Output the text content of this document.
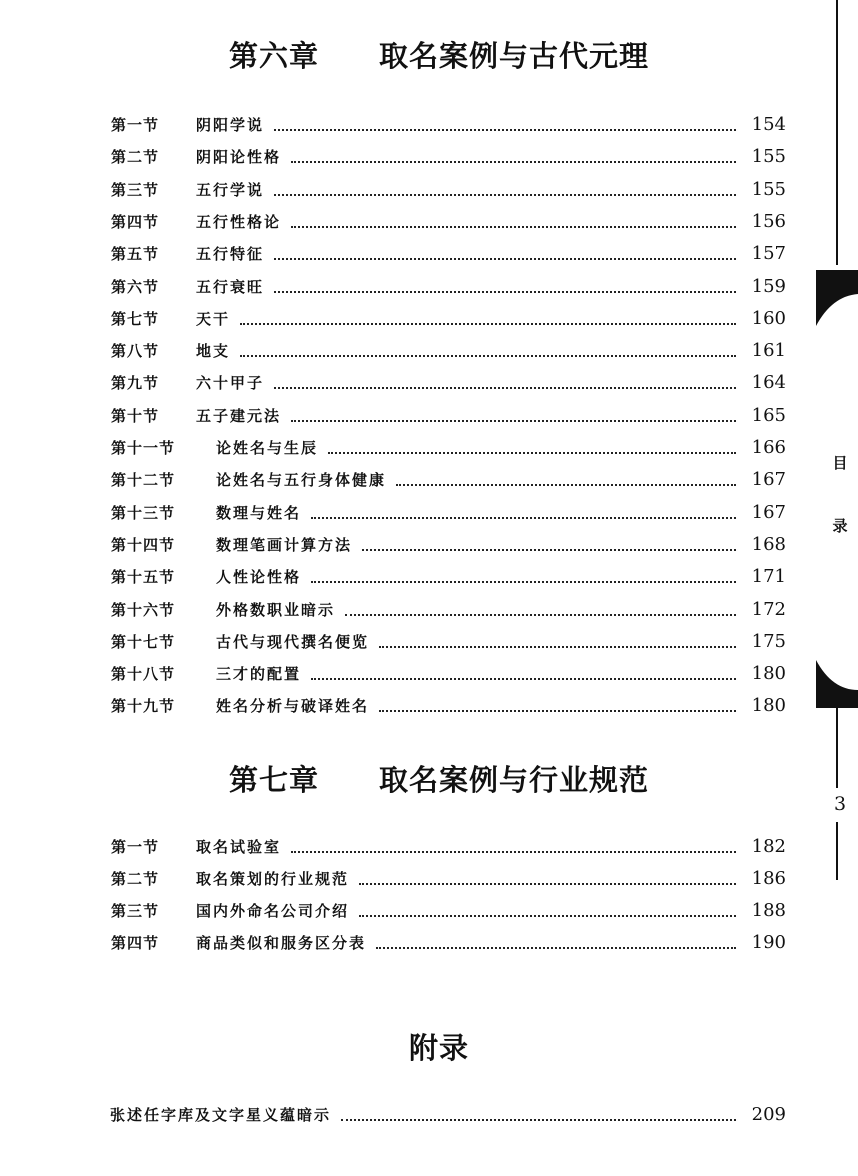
第六章　　取名案例与古代元理
第一节 阴阳学说	154
第二节 阴阳论性格	155
第三节 五行学说	155
第四节 五行性格论	156
第五节 五行特征	157
第六节 五行衰旺	159
第七节 天干	160
第八节 地支	161
第九节 六十甲子	164
第十节 五子建元法	165
第十一节	论姓名与生辰	166
第十二节	论姓名与五行身体健康	167
第十三节	数理与姓名	167
第十四节	数理笔画计算方法	168
第十五节	人性论性格	171
第十六节	外格数职业暗示	172
第十七节	古代与现代撰名便览	175
第十八节	三才的配置	180
第十九节	姓名分析与破译姓名	180
第七章　　取名案例与行业规范
第一节 取名试验室	182
第二节 取名策划的行业规范	186
第三节 国内外命名公司介绍	188
第四节 商品类似和服务区分表	190
附录
张述任字库及文字星义蕴暗示	209
目
录
3
